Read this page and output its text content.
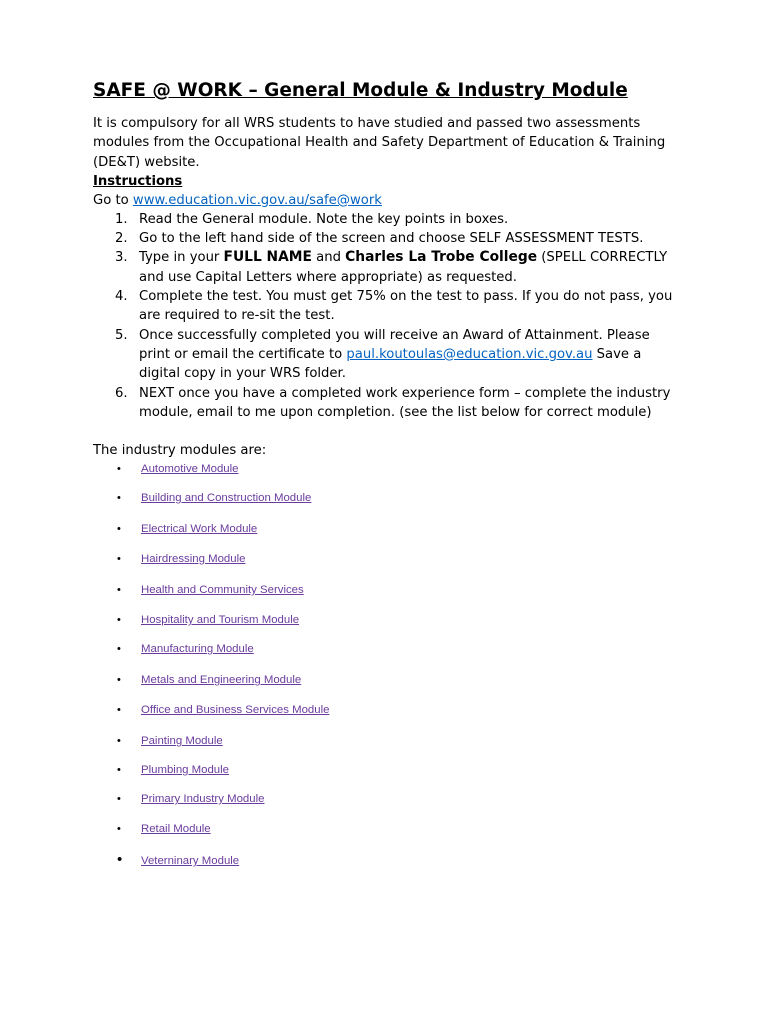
SAFE @ WORK – General Module & Industry Module

It is compulsory for all WRS students to have studied and passed two assessments modules from the Occupational Health and Safety Department of Education & Training (DE&T) website.

Instructions

Go to www.education.vic.gov.au/safe@work

1. Read the General module. Note the key points in boxes.
2. Go to the left hand side of the screen and choose SELF ASSESSMENT TESTS.
3. Type in your FULL NAME and Charles La Trobe College (SPELL CORRECTLY and use Capital Letters where appropriate) as requested.
4. Complete the test. You must get 75% on the test to pass. If you do not pass, you are required to re-sit the test.
5. Once successfully completed you will receive an Award of Attainment. Please print or email the certificate to paul.koutoulas@education.vic.gov.au Save a digital copy in your WRS folder.
6. NEXT once you have a completed work experience form – complete the industry module, email to me upon completion. (see the list below for correct module)

The industry modules are:

• Automotive Module
• Building and Construction Module
• Electrical Work Module
• Hairdressing Module
• Health and Community Services
• Hospitality and Tourism Module
• Manufacturing Module
• Metals and Engineering Module
• Office and Business Services Module
• Painting Module
• Plumbing Module
• Primary Industry Module
• Retail Module
• Veterninary Module
